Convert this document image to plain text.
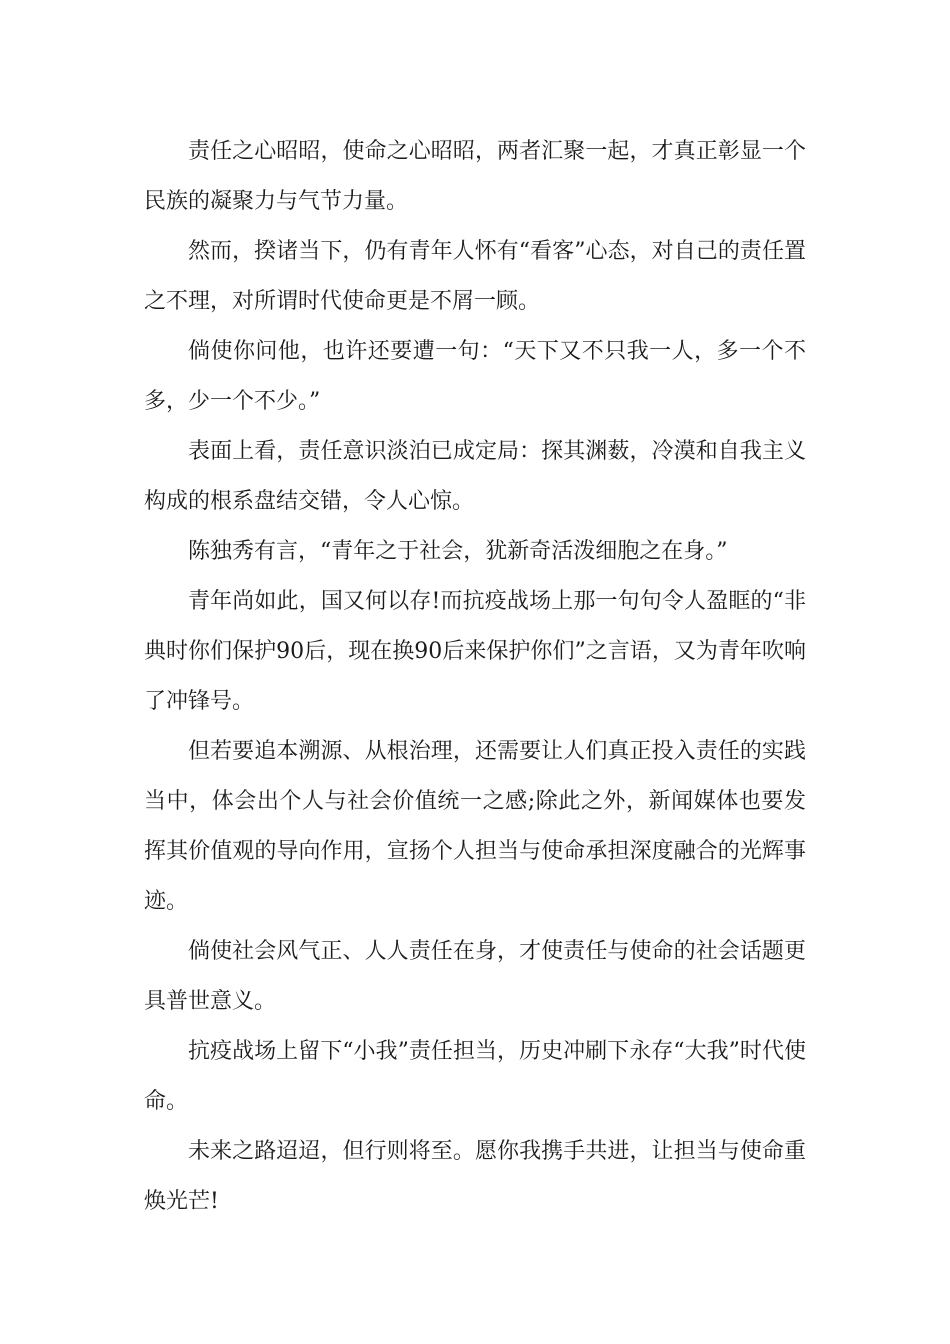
责任之心昭昭，使命之心昭昭，两者汇聚一起，才真正彰显一个民族的凝聚力与气节力量。

然而，揆诸当下，仍有青年人怀有“看客”心态，对自己的责任置之不理，对所谓时代使命更是不屑一顾。

倘使你问他，也许还要遭一句：“天下又不只我一人，多一个不多，少一个不少。”

表面上看，责任意识淡泊已成定局：探其渊薮，冷漠和自我主义构成的根系盘结交错，令人心惊。

陈独秀有言，“青年之于社会，犹新奇活泼细胞之在身。”

青年尚如此，国又何以存!而抗疫战场上那一句句令人盈眶的“非典时你们保护90后，现在换90后来保护你们”之言语，又为青年吹响了冲锋号。

但若要追本溯源、从根治理，还需要让人们真正投入责任的实践当中，体会出个人与社会价值统一之感;除此之外，新闻媒体也要发挥其价值观的导向作用，宣扬个人担当与使命承担深度融合的光辉事迹。

倘使社会风气正、人人责任在身，才使责任与使命的社会话题更具普世意义。

抗疫战场上留下“小我”责任担当，历史冲刷下永存“大我”时代使命。

未来之路迢迢，但行则将至。愿你我携手共进，让担当与使命重焕光芒!
